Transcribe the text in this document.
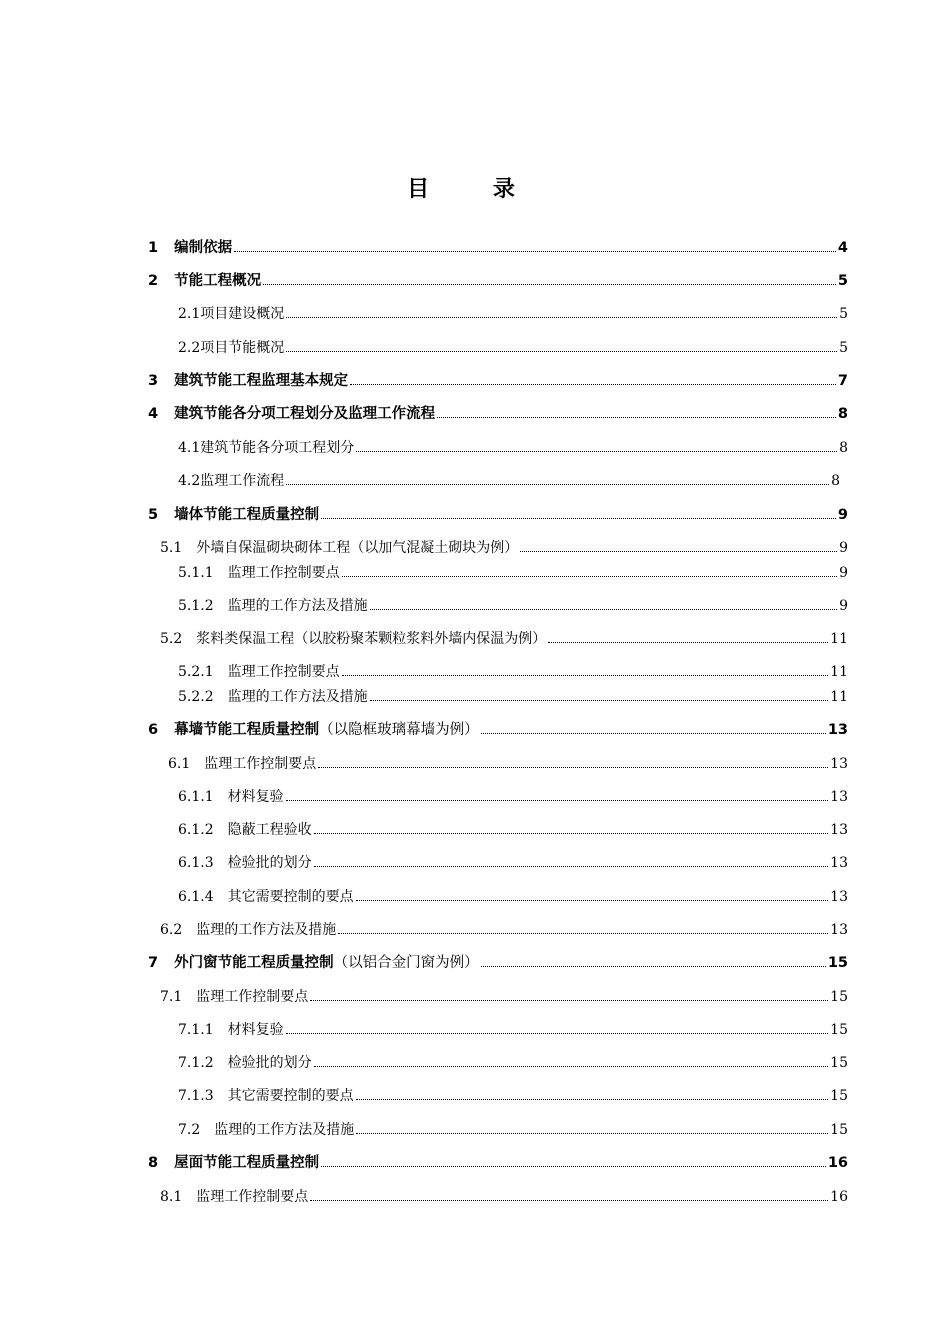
目 录
1 编制依据	4
2 节能工程概况	5
2.1项目建设概况	5
2.2项目节能概况	5
3 建筑节能工程监理基本规定	7
4 建筑节能各分项工程划分及监理工作流程	8
4.1建筑节能各分项工程划分	8
4.2监理工作流程	8
5 墙体节能工程质量控制	9
5.1 外墙自保温砌块砌体工程（以加气混凝土砌块为例）	9
5.1.1 监理工作控制要点	9
5.1.2 监理的工作方法及措施	9
5.2 浆料类保温工程（以胶粉聚苯颗粒浆料外墙内保温为例）	11
5.2.1 监理工作控制要点	11
5.2.2 监理的工作方法及措施	11
6 幕墙节能工程质量控制 （以隐框玻璃幕墙为例）	13
6.1 监理工作控制要点	13
6.1.1 材料复验	13
6.1.2 隐蔽工程验收	13
6.1.3 检验批的划分	13
6.1.4 其它需要控制的要点	13
6.2 监理的工作方法及措施	13
7 外门窗节能工程质量控制 （以铝合金门窗为例）	15
7.1 监理工作控制要点	15
7.1.1 材料复验	15
7.1.2 检验批的划分	15
7.1.3 其它需要控制的要点	15
7.2 监理的工作方法及措施	15
8 屋面节能工程质量控制	16
8.1 监理工作控制要点	16
